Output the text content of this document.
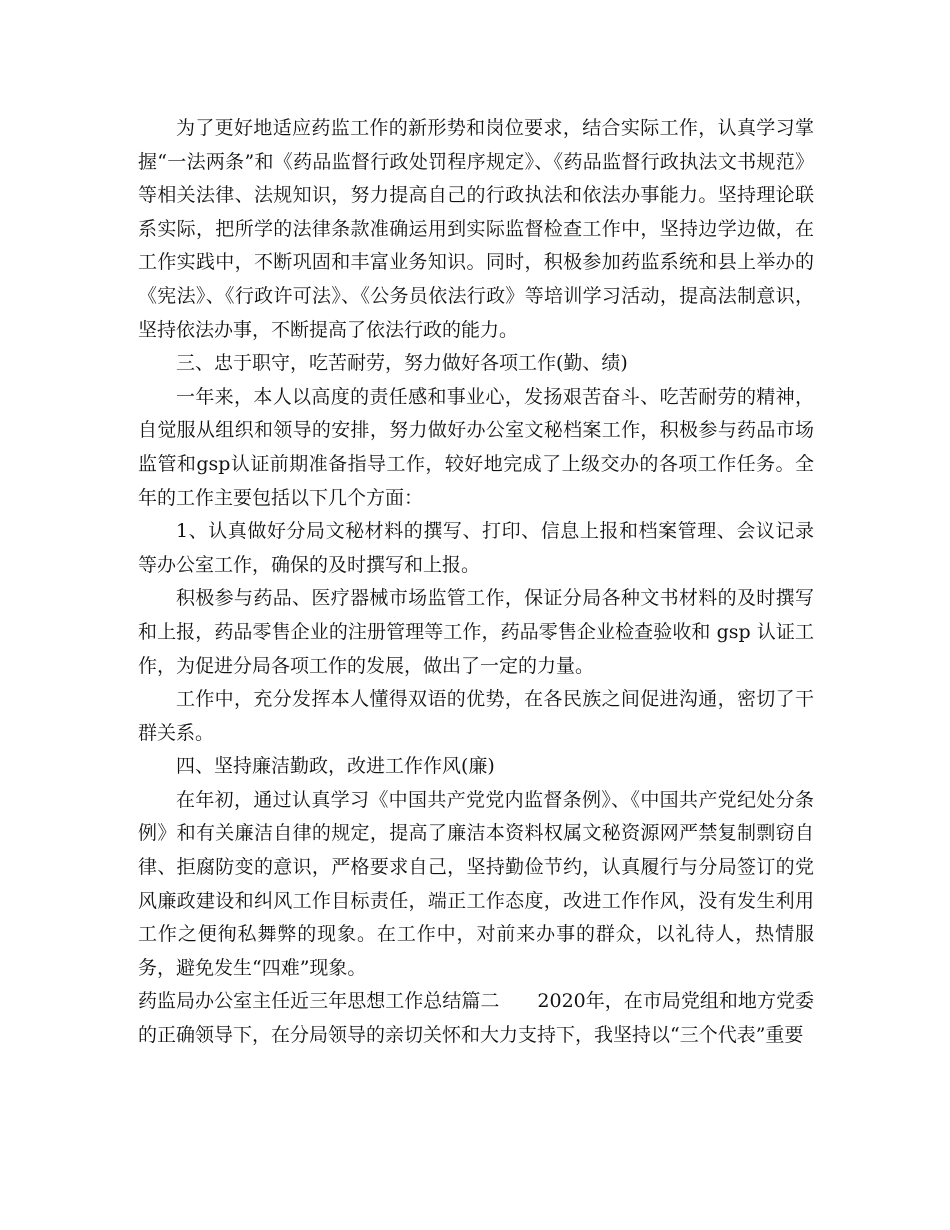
为了更好地适应药监工作的新形势和岗位要求，结合实际工作，认真学习掌握“一法两条”和《药品监督行政处罚程序规定》、《药品监督行政执法文书规范》等相关法律、法规知识，努力提高自己的行政执法和依法办事能力。坚持理论联系实际，把所学的法律条款准确运用到实际监督检查工作中，坚持边学边做，在工作实践中，不断巩固和丰富业务知识。同时，积极参加药监系统和县上举办的《宪法》、《行政许可法》、《公务员依法行政》等培训学习活动，提高法制意识，坚持依法办事，不断提高了依法行政的能力。

三、忠于职守，吃苦耐劳，努力做好各项工作(勤、绩)

一年来，本人以高度的责任感和事业心，发扬艰苦奋斗、吃苦耐劳的精神，自觉服从组织和领导的安排，努力做好办公室文秘档案工作，积极参与药品市场监管和gsp认证前期准备指导工作，较好地完成了上级交办的各项工作任务。全年的工作主要包括以下几个方面：

1、认真做好分局文秘材料的撰写、打印、信息上报和档案管理、会议记录等办公室工作，确保的及时撰写和上报。

积极参与药品、医疗器械市场监管工作，保证分局各种文书材料的及时撰写和上报，药品零售企业的注册管理等工作，药品零售企业检查验收和 gsp 认证工作，为促进分局各项工作的发展，做出了一定的力量。

工作中，充分发挥本人懂得双语的优势，在各民族之间促进沟通，密切了干群关系。

四、坚持廉洁勤政，改进工作作风(廉)

在年初，通过认真学习《中国共产党党内监督条例》、《中国共产党纪处分条例》和有关廉洁自律的规定，提高了廉洁本资料权属文秘资源网严禁复制剽窃自律、拒腐防变的意识，严格要求自己，坚持勤俭节约，认真履行与分局签订的党风廉政建设和纠风工作目标责任，端正工作态度，改进工作作风，没有发生利用工作之便徇私舞弊的现象。在工作中，对前来办事的群众，以礼待人，热情服务，避免发生“四难”现象。

药监局办公室主任近三年思想工作总结篇二 2020年，在市局党组和地方党委的正确领导下，在分局领导的亲切关怀和大力支持下，我坚持以“三个代表”重要
